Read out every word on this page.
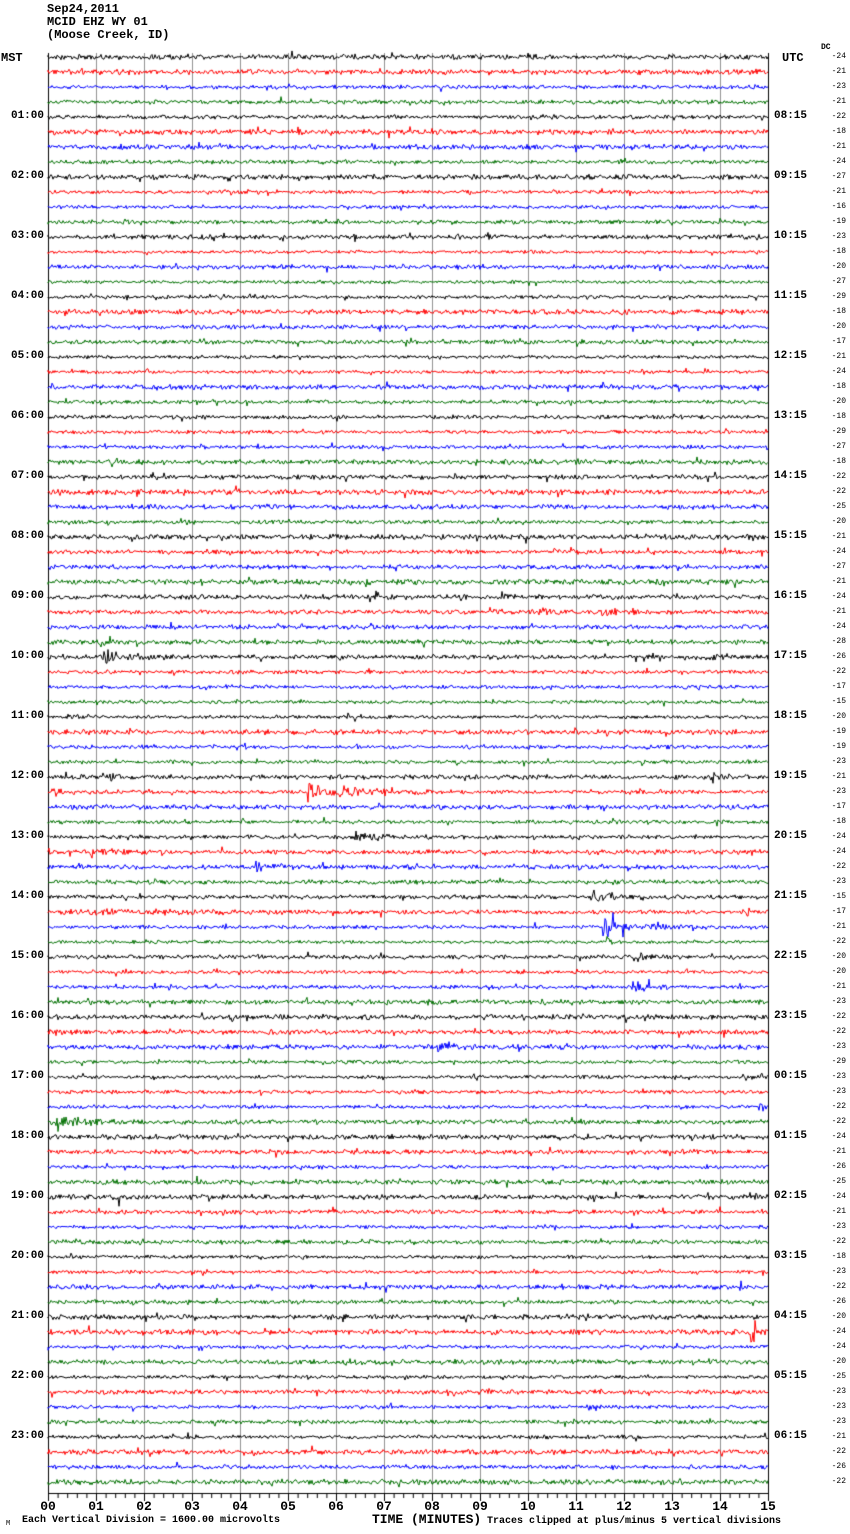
Sep24,2011
MCID EHZ WY 01
(Moose Creek, ID)
MST	UTC
DC
01:00
02:00
03:00
04:00
05:00
06:00
07:00
08:00
09:00
10:00
11:00
12:00
13:00
14:00
15:00
16:00
17:00
18:00
19:00
20:00
21:00
22:00
23:00
08:15
09:15
10:15
11:15
12:15
13:15
14:15
15:15
16:15
17:15
18:15
19:15
20:15
21:15
22:15
23:15
00:15
01:15
02:15
03:15
04:15
05:15
06:15
-24
-21
-23
-21
-22
-18
-21
-24
-27
-21
-16
-19
-23
-18
-20
-27
-29
-18
-20
-17
-21
-24
-18
-20
-18
-29
-27
-18
-22
-22
-25
-20
-21
-24
-27
-21
-24
-21
-24
-28
-26
-22
-17
-15
-20
-19
-19
-23
-21
-23
-17
-18
-24
-24
-22
-23
-15
-17
-21
-22
-20
-20
-21
-23
-22
-22
-23
-29
-23
-23
-22
-22
-24
-21
-26
-25
-24
-21
-23
-22
-18
-23
-22
-26
-20
-24
-24
-20
-25
-23
-23
-23
-21
-22
-26
-22
00	01	02	03	04	05	06	07	08	09	10	11	12	13	14	15
M Each Vertical Division = 1600.00 microvolts	TIME (MINUTES) Traces clipped at plus/minus 5 vertical divisions
